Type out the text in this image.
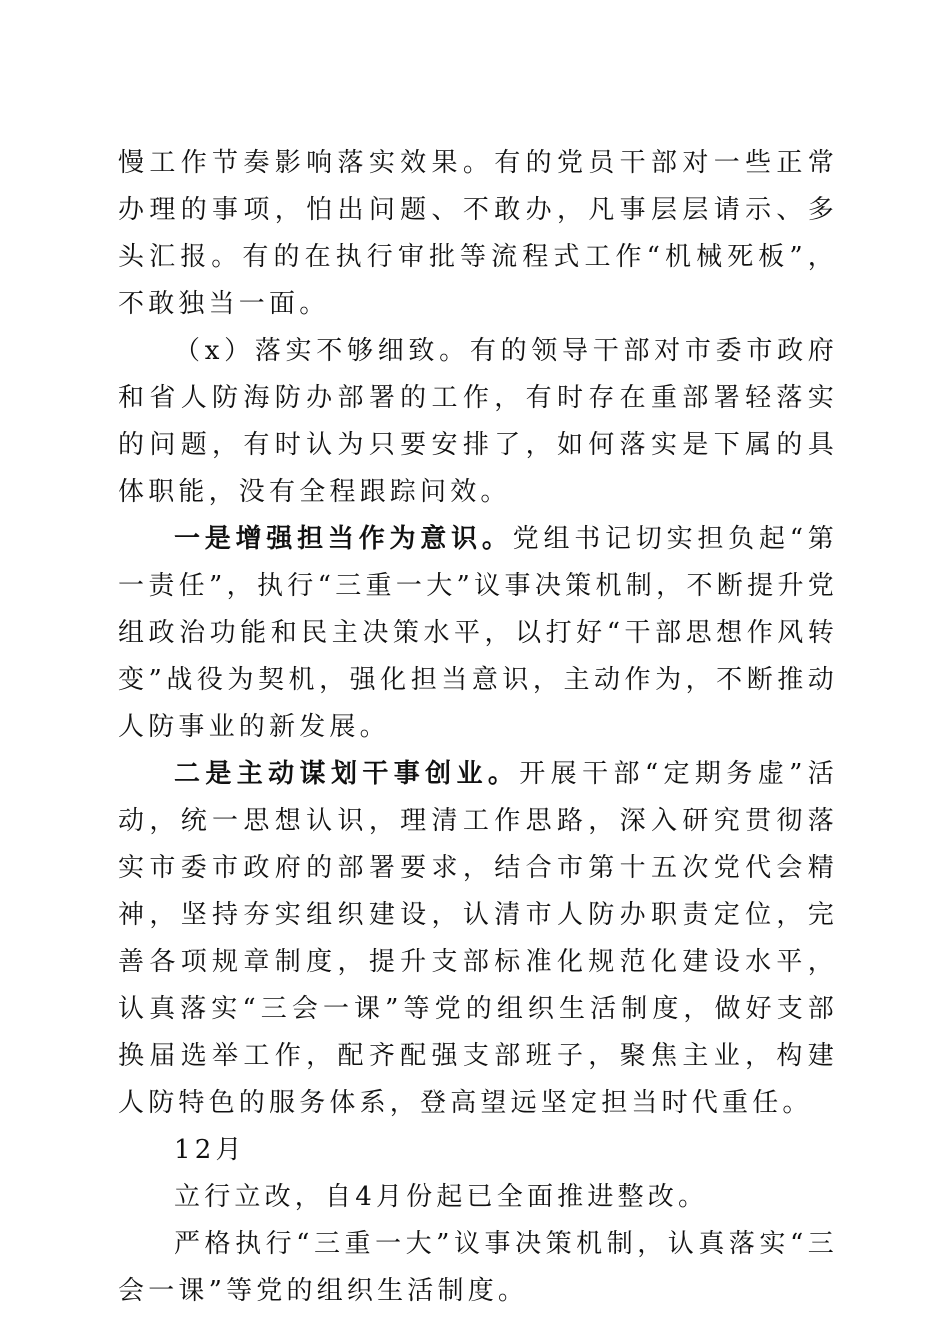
慢工作节奏影响落实效果。有的党员干部对一些正常办理的事项，怕出问题、不敢办，凡事层层请示、多头汇报。有的在执行审批等流程式工作“机械死板”，不敢独当一面。

（x）落实不够细致。有的领导干部对市委市政府和省人防海防办部署的工作，有时存在重部署轻落实的问题，有时认为只要安排了，如何落实是下属的具体职能，没有全程跟踪问效。

一是增强担当作为意识。党组书记切实担负起“第一责任”，执行“三重一大”议事决策机制，不断提升党组政治功能和民主决策水平，以打好“干部思想作风转变”战役为契机，强化担当意识，主动作为，不断推动人防事业的新发展。

二是主动谋划干事创业。开展干部“定期务虚”活动，统一思想认识，理清工作思路，深入研究贯彻落实市委市政府的部署要求，结合市第十五次党代会精神，坚持夯实组织建设，认清市人防办职责定位，完善各项规章制度，提升支部标准化规范化建设水平，认真落实“三会一课”等党的组织生活制度，做好支部换届选举工作，配齐配强支部班子，聚焦主业，构建人防特色的服务体系，登高望远坚定担当时代重任。

12月

立行立改，自4月份起已全面推进整改。

严格执行“三重一大”议事决策机制，认真落实“三会一课”等党的组织生活制度。
